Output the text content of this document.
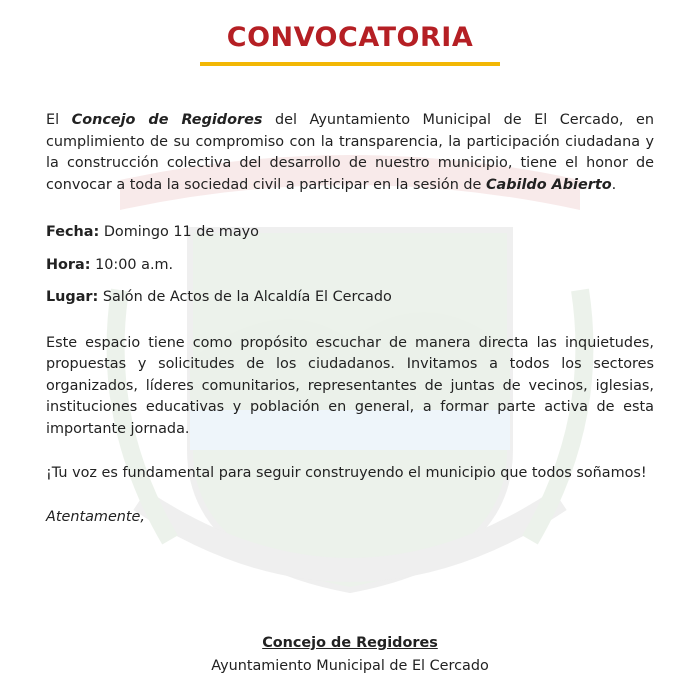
CONVOCATORIA

El Concejo de Regidores del Ayuntamiento Municipal de El Cercado, en cumplimiento de su compromiso con la transparencia, la participación ciudadana y la construcción colectiva del desarrollo de nuestro municipio, tiene el honor de convocar a toda la sociedad civil a participar en la sesión de Cabildo Abierto.

Fecha: Domingo 11 de mayo

Hora: 10:00 a.m.

Lugar: Salón de Actos de la Alcaldía El Cercado

Este espacio tiene como propósito escuchar de manera directa las inquietudes, propuestas y solicitudes de los ciudadanos. Invitamos a todos los sectores organizados, líderes comunitarios, representantes de juntas de vecinos, iglesias, instituciones educativas y población en general, a formar parte activa de esta importante jornada.

¡Tu voz es fundamental para seguir construyendo el municipio que todos soñamos!

Atentamente,

Concejo de Regidores
Ayuntamiento Municipal de El Cercado
